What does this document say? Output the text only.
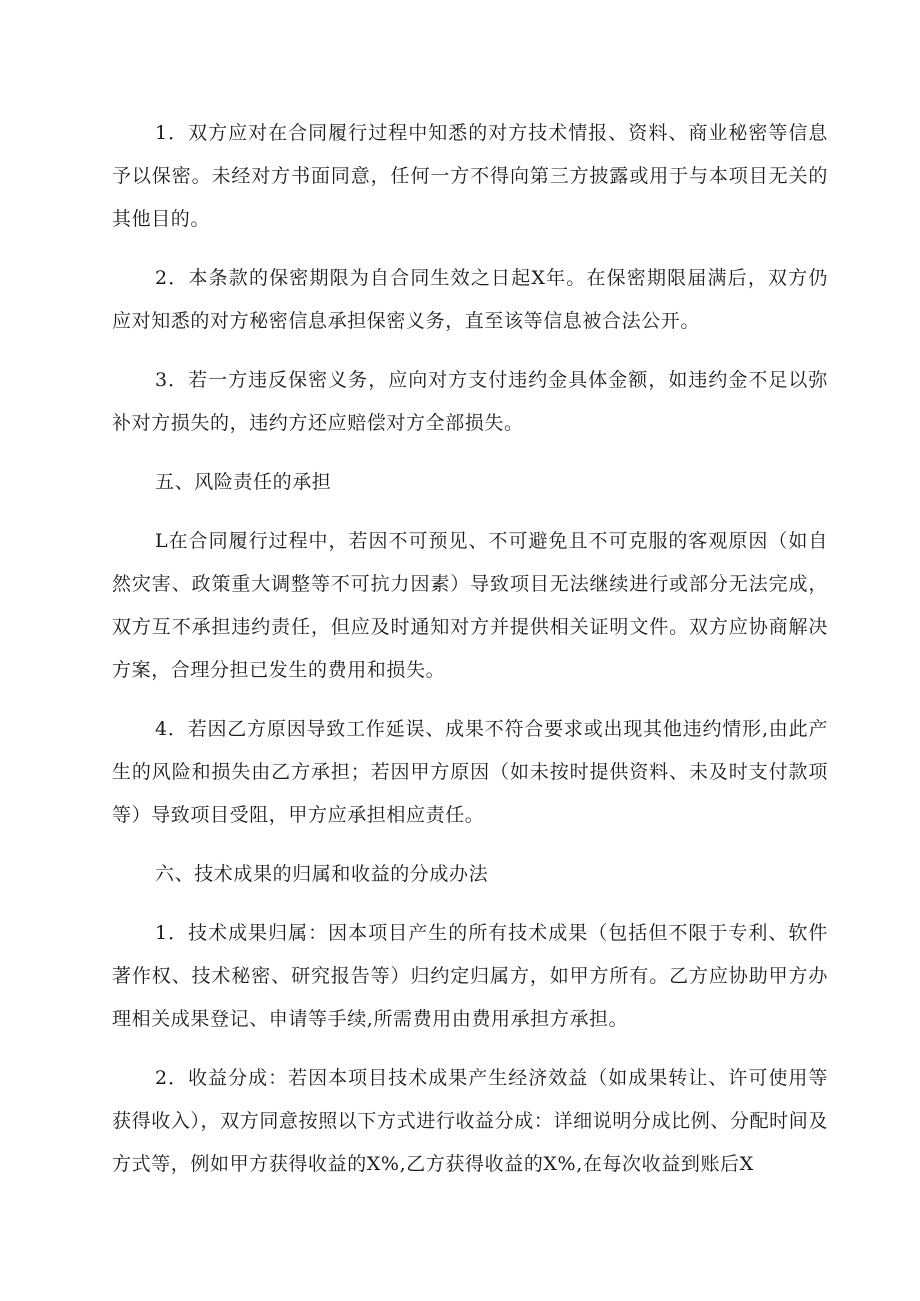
1．双方应对在合同履行过程中知悉的对方技术情报、资料、商业秘密等信息予以保密。未经对方书面同意，任何一方不得向第三方披露或用于与本项目无关的其他目的。

2．本条款的保密期限为自合同生效之日起X年。在保密期限届满后，双方仍应对知悉的对方秘密信息承担保密义务，直至该等信息被合法公开。

3．若一方违反保密义务，应向对方支付违约金具体金额，如违约金不足以弥补对方损失的，违约方还应赔偿对方全部损失。

五、风险责任的承担

L在合同履行过程中，若因不可预见、不可避免且不可克服的客观原因（如自然灾害、政策重大调整等不可抗力因素）导致项目无法继续进行或部分无法完成，双方互不承担违约责任，但应及时通知对方并提供相关证明文件。双方应协商解决方案，合理分担已发生的费用和损失。

4．若因乙方原因导致工作延误、成果不符合要求或出现其他违约情形,由此产生的风险和损失由乙方承担；若因甲方原因（如未按时提供资料、未及时支付款项等）导致项目受阻，甲方应承担相应责任。

六、技术成果的归属和收益的分成办法

1．技术成果归属：因本项目产生的所有技术成果（包括但不限于专利、软件著作权、技术秘密、研究报告等）归约定归属方，如甲方所有。乙方应协助甲方办理相关成果登记、申请等手续,所需费用由费用承担方承担。

2．收益分成：若因本项目技术成果产生经济效益（如成果转让、许可使用等获得收入），双方同意按照以下方式进行收益分成：详细说明分成比例、分配时间及方式等，例如甲方获得收益的X%,乙方获得收益的X%,在每次收益到账后X
